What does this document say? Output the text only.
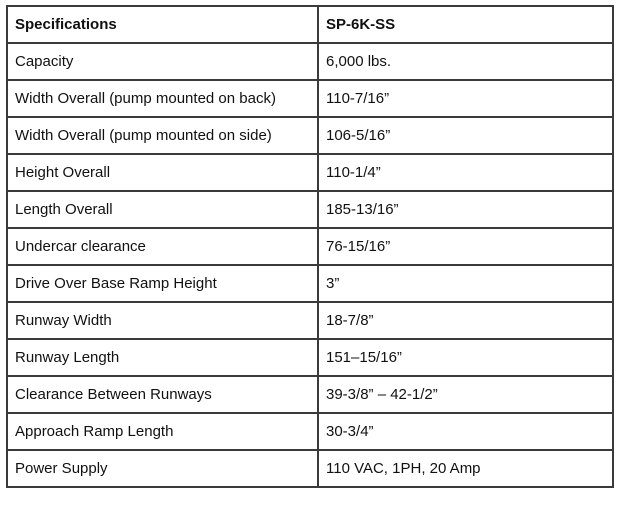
Specifications	SP-6K-SS
Capacity	6,000 lbs.
Width Overall (pump mounted on back)	110-7/16”
Width Overall (pump mounted on side)	106-5/16”
Height Overall	110-1/4”
Length Overall	185-13/16”
Undercar clearance	76-15/16”
Drive Over Base Ramp Height	3”
Runway Width	18-7/8”
Runway Length	151–15/16”
Clearance Between Runways	39-3/8” – 42-1/2”
Approach Ramp Length	30-3/4”
Power Supply	110 VAC, 1PH, 20 Amp
